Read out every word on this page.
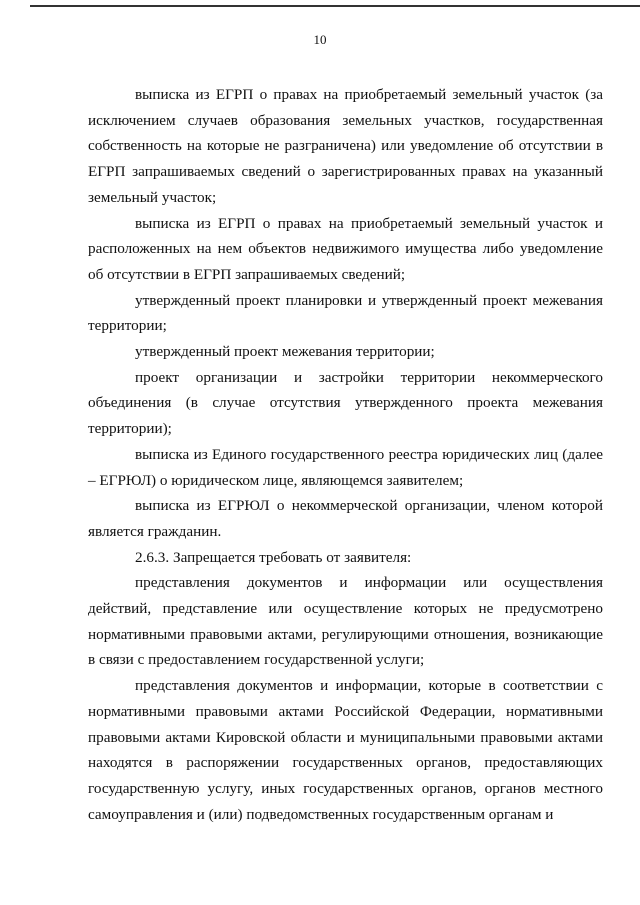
10

выписка из ЕГРП о правах на приобретаемый земельный участок (за исключением случаев образования земельных участков, государственная собственность на которые не разграничена) или уведомление об отсутствии в ЕГРП запрашиваемых сведений о зарегистрированных правах на указанный земельный участок;

выписка из ЕГРП о правах на приобретаемый земельный участок и расположенных на нем объектов недвижимого имущества либо уведомление об отсутствии в ЕГРП запрашиваемых сведений;

утвержденный проект планировки и утвержденный проект межевания территории;

утвержденный проект межевания территории;

проект организации и застройки территории некоммерческого объединения (в случае отсутствия утвержденного проекта межевания территории);

выписка из Единого государственного реестра юридических лиц (далее – ЕГРЮЛ) о юридическом лице, являющемся заявителем;

выписка из ЕГРЮЛ о некоммерческой организации, членом которой является гражданин.

2.6.3. Запрещается требовать от заявителя:

представления документов и информации или осуществления действий, представление или осуществление которых не предусмотрено нормативными правовыми актами, регулирующими отношения, возникающие в связи с предоставлением государственной услуги;

представления документов и информации, которые в соответствии с нормативными правовыми актами Российской Федерации, нормативными правовыми актами Кировской области и муниципальными правовыми актами находятся в распоряжении государственных органов, предоставляющих государственную услугу, иных государственных органов, органов местного самоуправления и (или) подведомственных государственным органам и
